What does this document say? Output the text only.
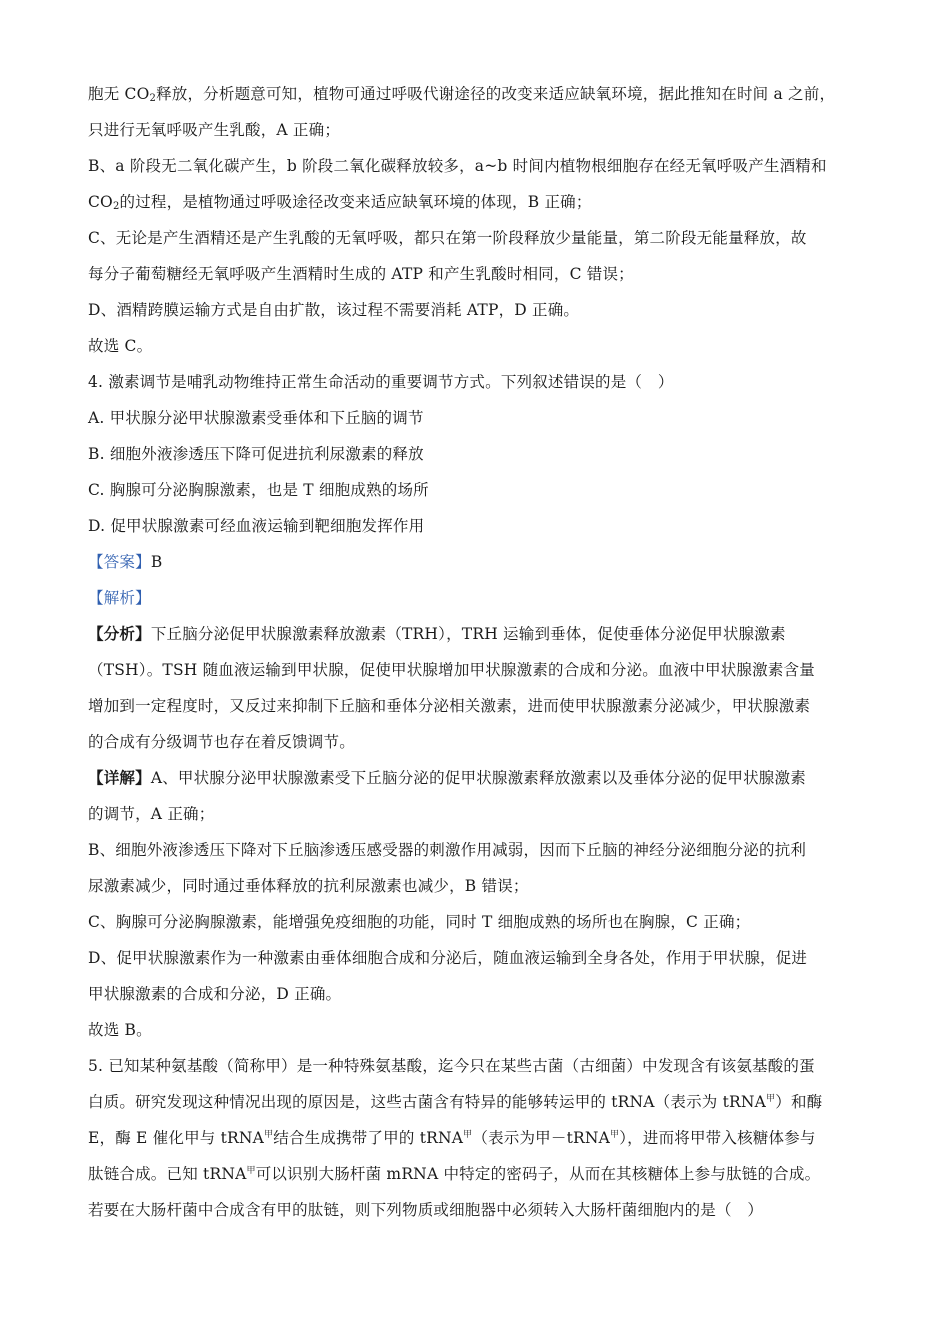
胞无 $CO_2$释放，分析题意可知，植物可通过呼吸代谢途径的改变来适应缺氧环境，据此推知在时间 a 之前，
只进行无氧呼吸产生乳酸，A 正确；
B、a 阶段无二氧化碳产生，b 阶段二氧化碳释放较多，a~b 时间内植物根细胞存在经无氧呼吸产生酒精和
$CO_2$的过程，是植物通过呼吸途径改变来适应缺氧环境的体现，B 正确；
C、无论是产生酒精还是产生乳酸的无氧呼吸，都只在第一阶段释放少量能量，第二阶段无能量释放，故
每分子葡萄糖经无氧呼吸产生酒精时生成的 ATP 和产生乳酸时相同，C 错误；
D、酒精跨膜运输方式是自由扩散，该过程不需要消耗 ATP，D 正确。
故选 C。
4. 激素调节是哺乳动物维持正常生命活动的重要调节方式。下列叙述错误的是（　）
A. 甲状腺分泌甲状腺激素受垂体和下丘脑的调节
B. 细胞外液渗透压下降可促进抗利尿激素的释放
C. 胸腺可分泌胸腺激素，也是 T 细胞成熟的场所
D. 促甲状腺激素可经血液运输到靶细胞发挥作用
【答案】B
【解析】
【分析】下丘脑分泌促甲状腺激素释放激素（TRH），TRH 运输到垂体，促使垂体分泌促甲状腺激素
（TSH）。TSH 随血液运输到甲状腺，促使甲状腺增加甲状腺激素的合成和分泌。血液中甲状腺激素含量
增加到一定程度时，又反过来抑制下丘脑和垂体分泌相关激素，进而使甲状腺激素分泌减少，甲状腺激素
的合成有分级调节也存在着反馈调节。
【详解】A、甲状腺分泌甲状腺激素受下丘脑分泌的促甲状腺激素释放激素以及垂体分泌的促甲状腺激素
的调节，A 正确；
B、细胞外液渗透压下降对下丘脑渗透压感受器的刺激作用减弱，因而下丘脑的神经分泌细胞分泌的抗利
尿激素减少，同时通过垂体释放的抗利尿激素也减少，B 错误；
C、胸腺可分泌胸腺激素，能增强免疫细胞的功能，同时 T 细胞成熟的场所也在胸腺，C 正确；
D、促甲状腺激素作为一种激素由垂体细胞合成和分泌后，随血液运输到全身各处，作用于甲状腺，促进
甲状腺激素的合成和分泌，D 正确。
故选 B。
5. 已知某种氨基酸（简称甲）是一种特殊氨基酸，迄今只在某些古菌（古细菌）中发现含有该氨基酸的蛋
白质。研究发现这种情况出现的原因是，这些古菌含有特异的能够转运甲的 tRNA（表示为 tRNA$^甲$）和酶
E，酶 E 催化甲与 tRNA$^甲$结合生成携带了甲的 tRNA$^甲$（表示为甲－tRNA$^甲$），进而将甲带入核糖体参与
肽链合成。已知 tRNA$^甲$可以识别大肠杆菌 mRNA 中特定的密码子，从而在其核糖体上参与肽链的合成。
若要在大肠杆菌中合成含有甲的肽链，则下列物质或细胞器中必须转入大肠杆菌细胞内的是（　）
